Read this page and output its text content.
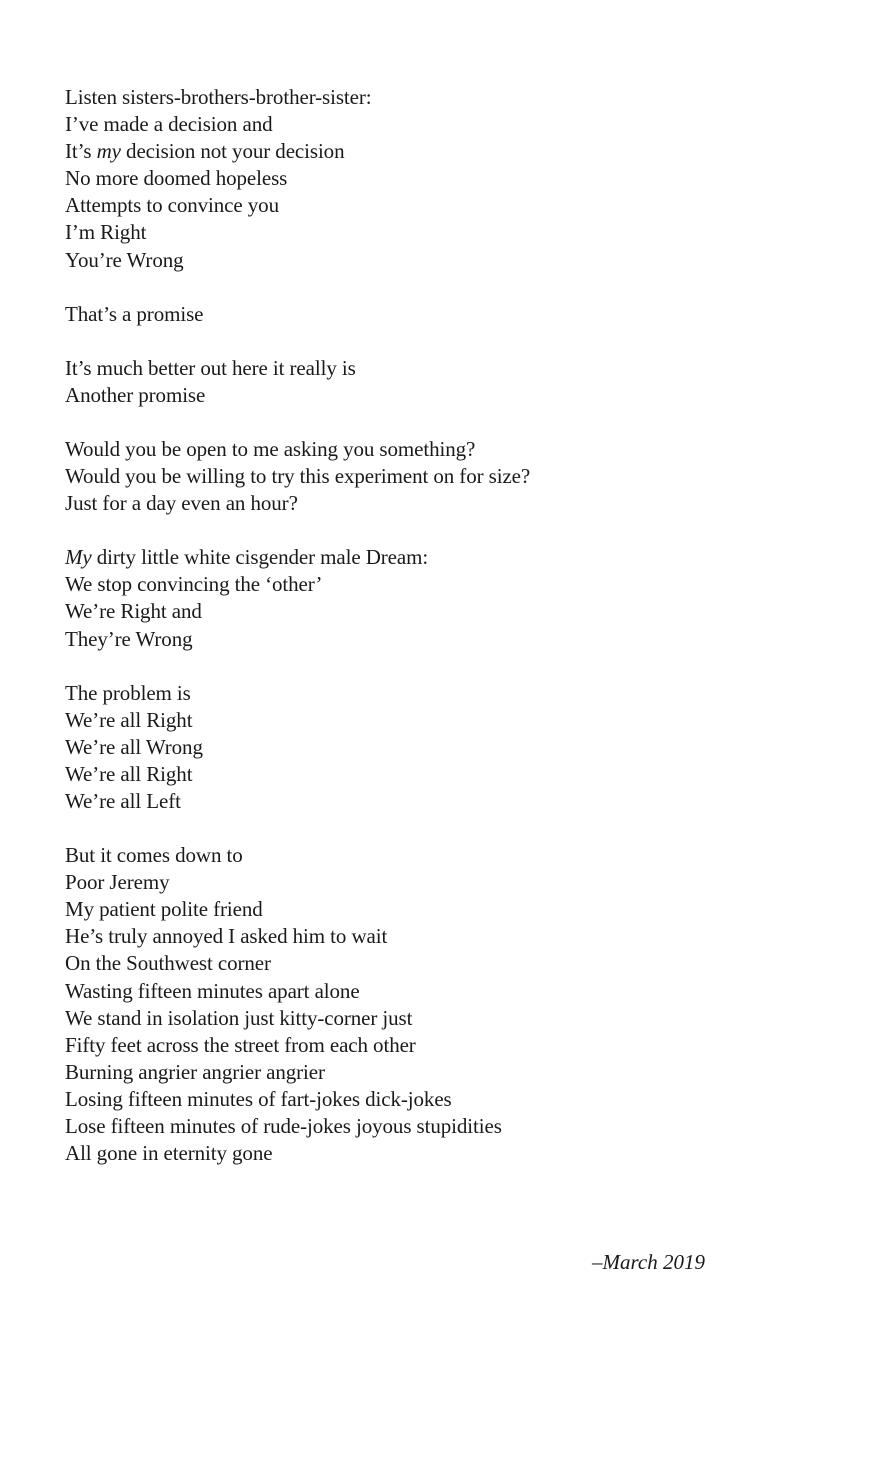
Listen sisters-brothers-brother-sister:
I’ve made a decision and
It’s my decision not your decision
No more doomed hopeless
Attempts to convince you
I’m Right
You’re Wrong
That’s a promise
It’s much better out here it really is
Another promise
Would you be open to me asking you something?
Would you be willing to try this experiment on for size?
Just for a day even an hour?
My dirty little white cisgender male Dream:
We stop convincing the ‘other’
We’re Right and
They’re Wrong
The problem is
We’re all Right
We’re all Wrong
We’re all Right
We’re all Left
But it comes down to
Poor Jeremy
My patient polite friend
He’s truly annoyed I asked him to wait
On the Southwest corner
Wasting fifteen minutes apart alone
We stand in isolation just kitty-corner just
Fifty feet across the street from each other
Burning angrier angrier angrier
Losing fifteen minutes of fart-jokes dick-jokes
Lose fifteen minutes of rude-jokes joyous stupidities
All gone in eternity gone
–March 2019
